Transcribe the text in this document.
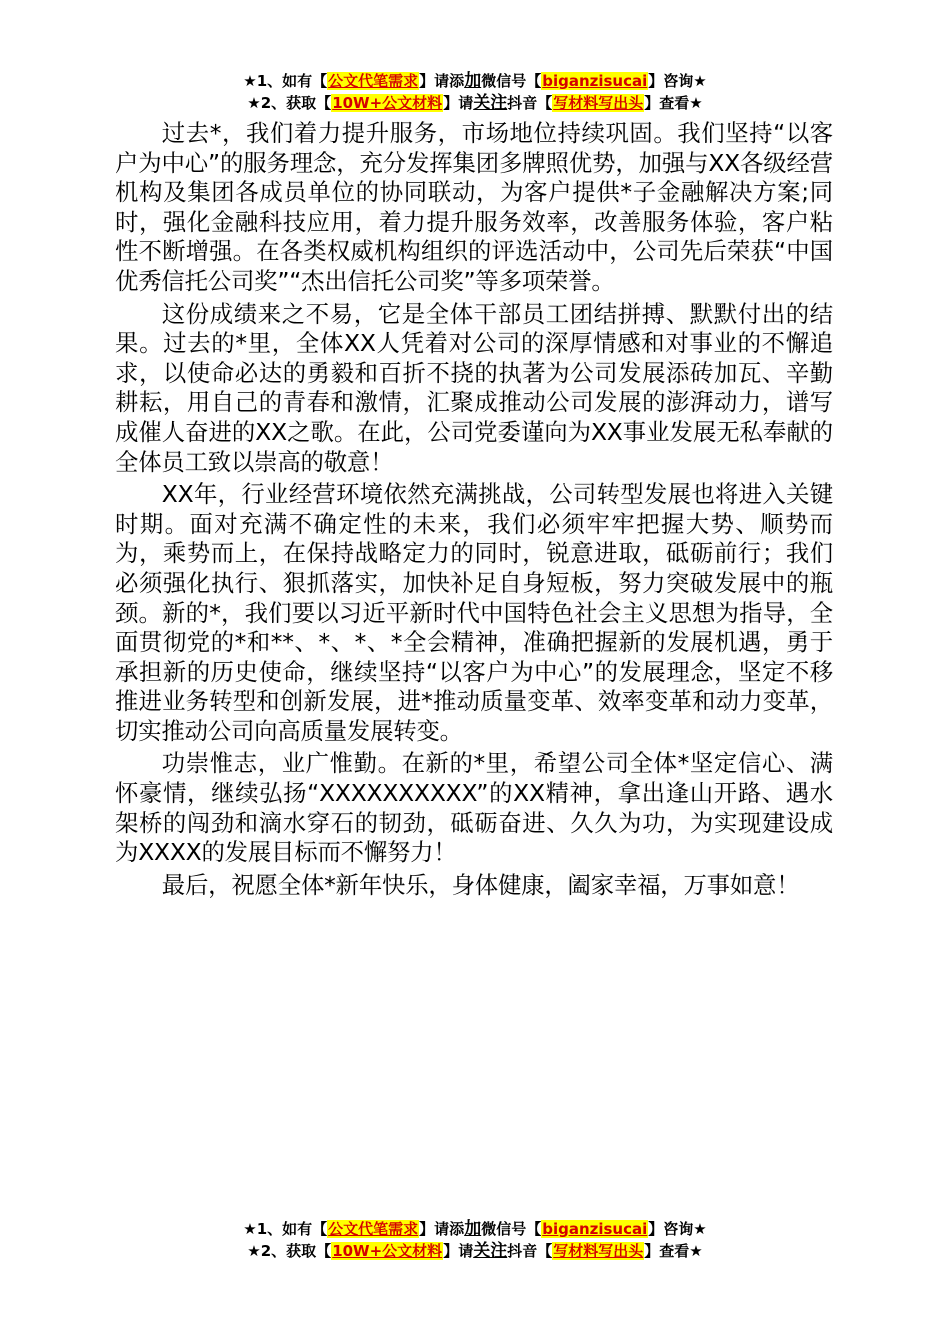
★1、如有【公文代笔需求】请添加微信号【biganzisucai】咨询★
★2、获取【10W+公文材料】请关注抖音【写材料写出头】查看★

过去*，我们着力提升服务，市场地位持续巩固。我们坚持“以客户为中心”的服务理念，充分发挥集团多牌照优势，加强与XX各级经营机构及集团各成员单位的协同联动，为客户提供*子金融解决方案;同时，强化金融科技应用，着力提升服务效率，改善服务体验，客户粘性不断增强。在各类权威机构组织的评选活动中，公司先后荣获“中国优秀信托公司奖”“杰出信托公司奖”等多项荣誉。

这份成绩来之不易，它是全体干部员工团结拼搏、默默付出的结果。过去的*里，全体XX人凭着对公司的深厚情感和对事业的不懈追求，以使命必达的勇毅和百折不挠的执著为公司发展添砖加瓦、辛勤耕耘，用自己的青春和激情，汇聚成推动公司发展的澎湃动力，谱写成催人奋进的XX之歌。在此，公司党委谨向为XX事业发展无私奉献的全体员工致以崇高的敬意！

XX年，行业经营环境依然充满挑战，公司转型发展也将进入关键时期。面对充满不确定性的未来，我们必须牢牢把握大势、顺势而为，乘势而上，在保持战略定力的同时，锐意进取，砥砺前行；我们必须强化执行、狠抓落实，加快补足自身短板，努力突破发展中的瓶颈。新的*，我们要以习近平新时代中国特色社会主义思想为指导，全面贯彻党的*和**、*、*、*全会精神，准确把握新的发展机遇，勇于承担新的历史使命，继续坚持“以客户为中心”的发展理念，坚定不移推进业务转型和创新发展，进*推动质量变革、效率变革和动力变革，切实推动公司向高质量发展转变。

功崇惟志，业广惟勤。在新的*里，希望公司全体*坚定信心、满怀豪情，继续弘扬“XXXXXXXXXX”的XX精神，拿出逢山开路、遇水架桥的闯劲和滴水穿石的韧劲，砥砺奋进、久久为功，为实现建设成为XXXX的发展目标而不懈努力！

最后，祝愿全体*新年快乐，身体健康，阖家幸福，万事如意！

★1、如有【公文代笔需求】请添加微信号【biganzisucai】咨询★
★2、获取【10W+公文材料】请关注抖音【写材料写出头】查看★
